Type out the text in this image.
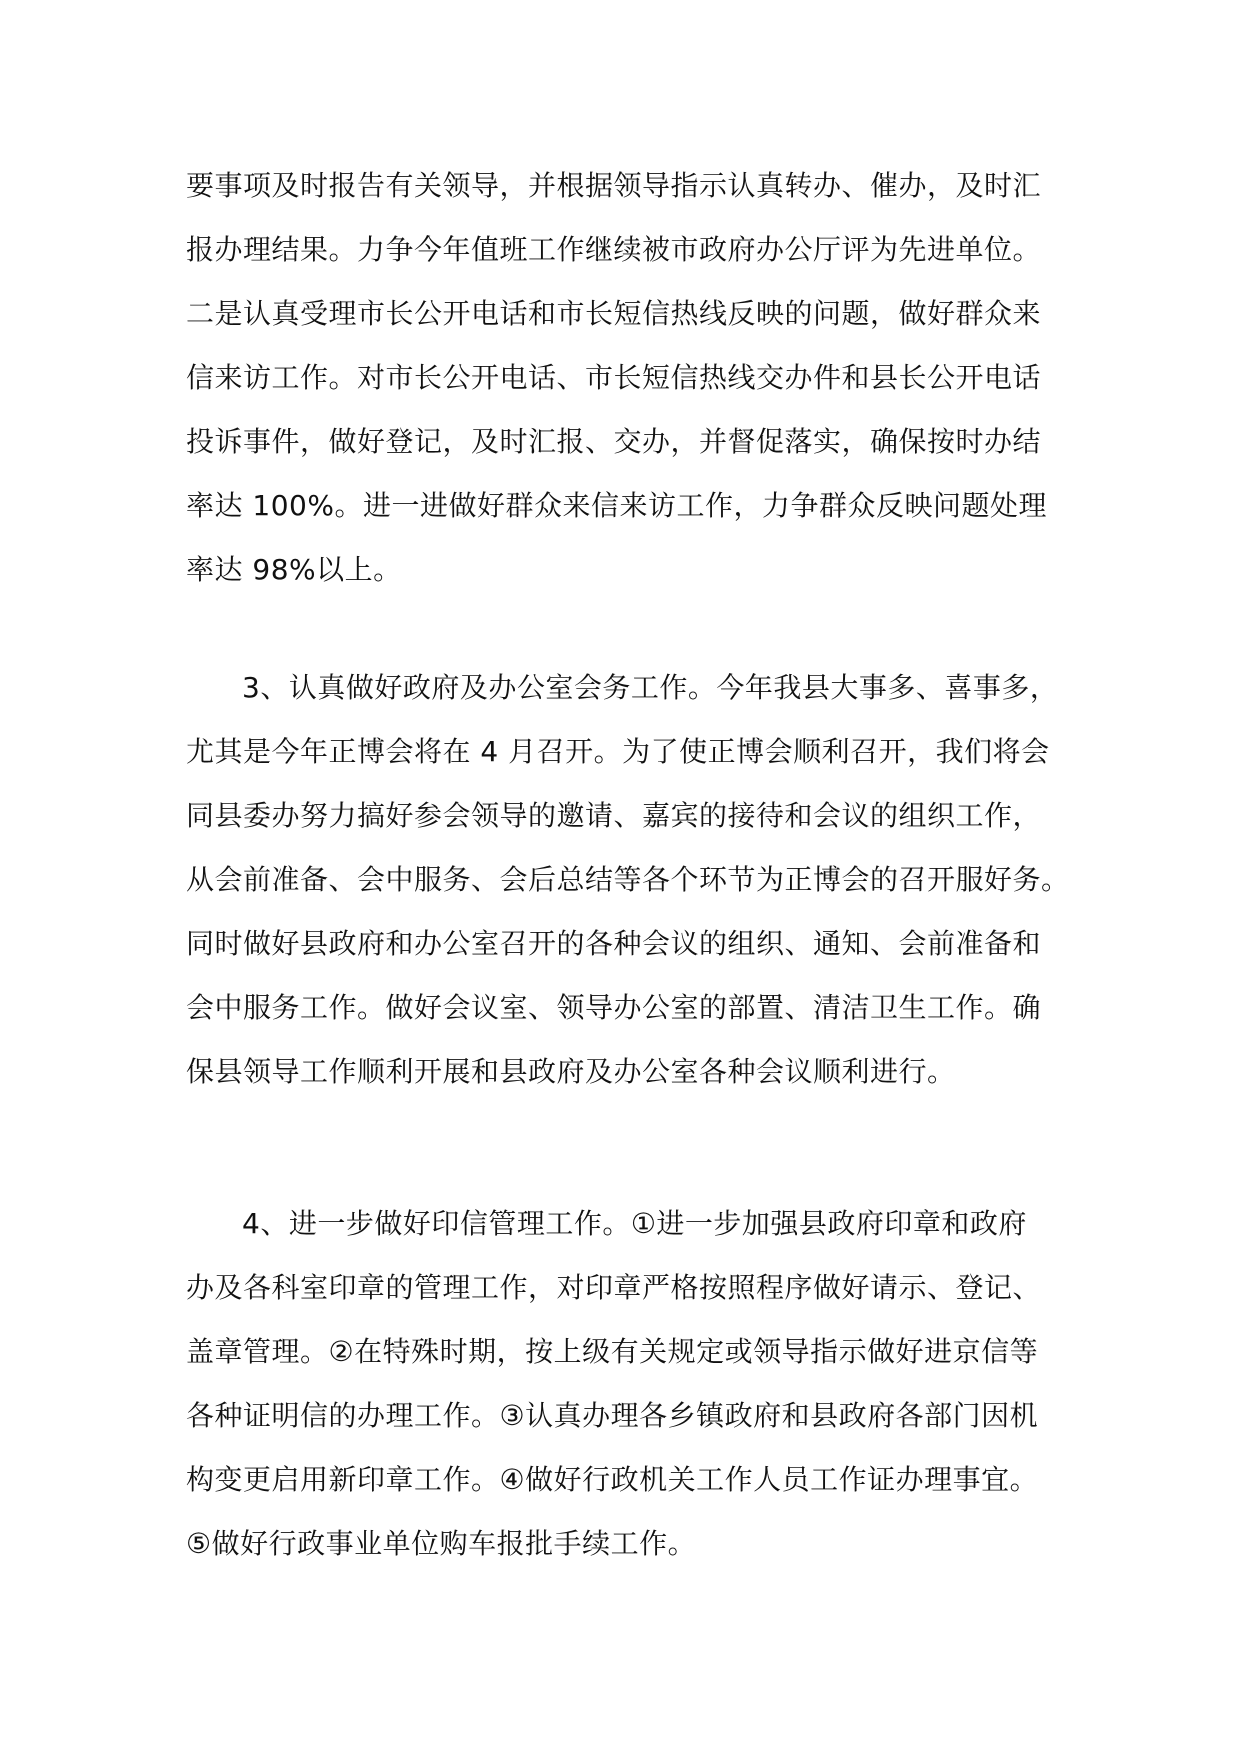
要事项及时报告有关领导，并根据领导指示认真转办、催办，及时汇
报办理结果。力争今年值班工作继续被市政府办公厅评为先进单位。
二是认真受理市长公开电话和市长短信热线反映的问题，做好群众来
信来访工作。对市长公开电话、市长短信热线交办件和县长公开电话
投诉事件，做好登记，及时汇报、交办，并督促落实，确保按时办结
率达 100%。进一进做好群众来信来访工作，力争群众反映问题处理
率达 98%以上。
3、认真做好政府及办公室会务工作。今年我县大事多、喜事多，
尤其是今年正博会将在 4 月召开。为了使正博会顺利召开，我们将会
同县委办努力搞好参会领导的邀请、嘉宾的接待和会议的组织工作，
从会前准备、会中服务、会后总结等各个环节为正博会的召开服好务。
同时做好县政府和办公室召开的各种会议的组织、通知、会前准备和
会中服务工作。做好会议室、领导办公室的部置、清洁卫生工作。确
保县领导工作顺利开展和县政府及办公室各种会议顺利进行。
4、进一步做好印信管理工作。①进一步加强县政府印章和政府
办及各科室印章的管理工作，对印章严格按照程序做好请示、登记、
盖章管理。②在特殊时期，按上级有关规定或领导指示做好进京信等
各种证明信的办理工作。③认真办理各乡镇政府和县政府各部门因机
构变更启用新印章工作。④做好行政机关工作人员工作证办理事宜。
⑤做好行政事业单位购车报批手续工作。
